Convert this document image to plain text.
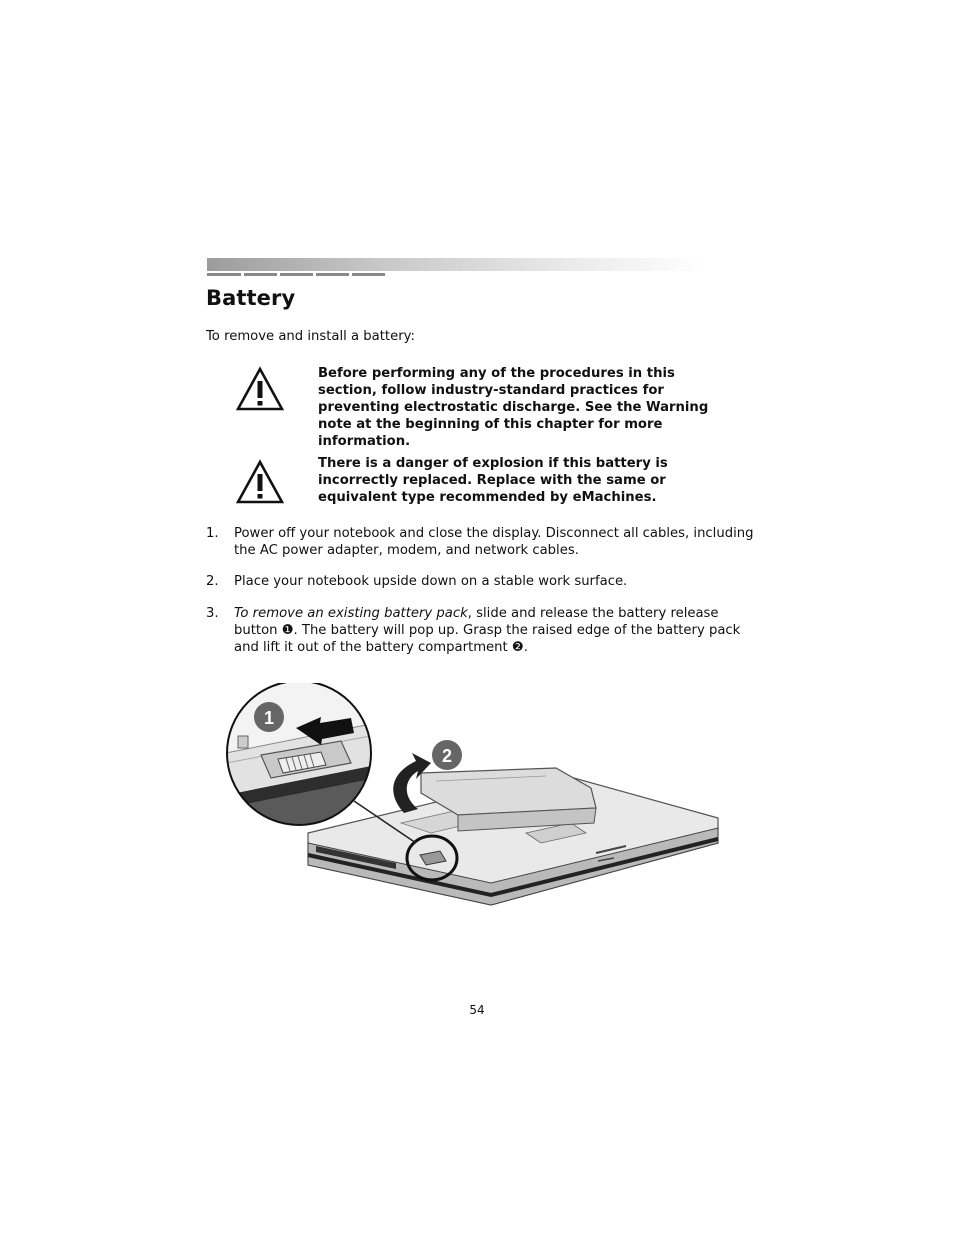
Battery
To remove and install a battery:
Before performing any of the procedures in this section, follow industry-standard practices for preventing electrostatic discharge. See the Warning note at the beginning of this chapter for more information.
There is a danger of explosion if this battery is incorrectly replaced. Replace with the same or equivalent type recommended by eMachines.
1. Power off your notebook and close the display. Disconnect all cables, including the AC power adapter, modem, and network cables.
2. Place your notebook upside down on a stable work surface.
3. To remove an existing battery pack, slide and release the battery release button ❶. The battery will pop up. Grasp the raised edge of the battery pack and lift it out of the battery compartment ❷.
2
1
54
